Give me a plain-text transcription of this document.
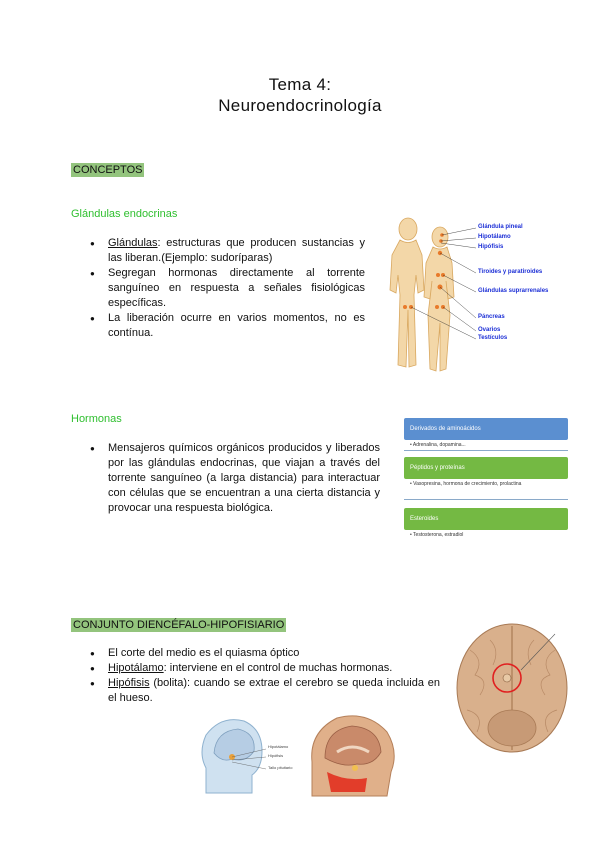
Tema 4:
Neuroendocrinología
CONCEPTOS
Glándulas endocrinas
● Glándulas: estructuras que producen sustancias y las liberan.(Ejemplo: sudoríparas)
● Segregan hormonas directamente al torrente sanguíneo en respuesta a señales fisiológicas específicas.
● La liberación ocurre en varios momentos, no es contínua.
Glándula pineal
Hipotálamo
Hipófisis
Tiroides y paratiroides
Glándulas suprarrenales
Páncreas
Ovarios
Testículos
Hormonas
● Mensajeros químicos orgánicos producidos y liberados por las glándulas endocrinas, que viajan a través del torrente sanguíneo (a larga distancia) para interactuar con células que se encuentran a una cierta distancia y provocar una respuesta biológica.
Derivados de aminoácidos
• Adrenalina, dopamina...
Péptidos y proteínas
• Vasopresina, hormona de crecimiento, prolactina
Esteroides
• Testosterona, estradiol
CONJUNTO DIENCÉFALO-HIPOFISIARIO
● El corte del medio es el quiasma óptico
● Hipotálamo: interviene en el control de muchas hormonas.
● Hipófisis (bolita): cuando se extrae el cerebro se queda incluida en el hueso.
Hipotálamo
Hipófisis
Tallo pituitario
